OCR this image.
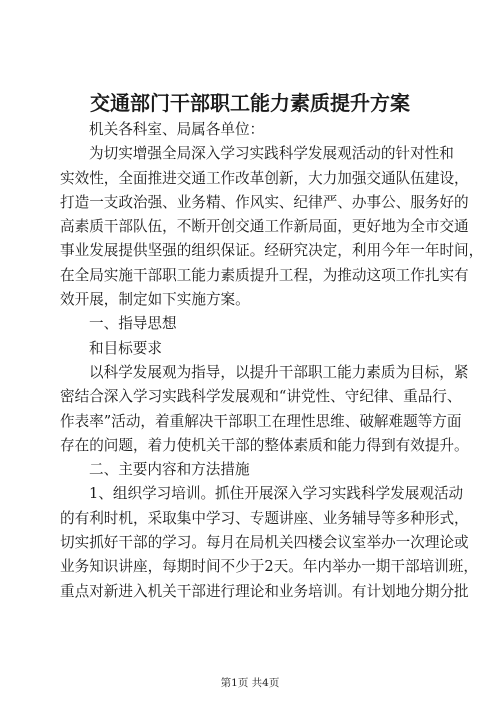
交通部门干部职工能力素质提升方案
机关各科室、局属各单位：
为切实增强全局深入学习实践科学发展观活动的针对性和
实效性，全面推进交通工作改革创新，大力加强交通队伍建设，
打造一支政治强、业务精、作风实、纪律严、办事公、服务好的
高素质干部队伍，不断开创交通工作新局面，更好地为全市交通
事业发展提供坚强的组织保证。经研究决定，利用今年一年时间，
在全局实施干部职工能力素质提升工程，为推动这项工作扎实有
效开展，制定如下实施方案。
一、指导思想
和目标要求
以科学发展观为指导，以提升干部职工能力素质为目标，紧
密结合深入学习实践科学发展观和“讲党性、守纪律、重品行、
作表率”活动，着重解决干部职工在理性思维、破解难题等方面
存在的问题，着力使机关干部的整体素质和能力得到有效提升。
二、主要内容和方法措施
1、组织学习培训。抓住开展深入学习实践科学发展观活动
的有利时机，采取集中学习、专题讲座、业务辅导等多种形式，
切实抓好干部的学习。每月在局机关四楼会议室举办一次理论或
业务知识讲座，每期时间不少于2天。年内举办一期干部培训班，
重点对新进入机关干部进行理论和业务培训。有计划地分期分批
第1页 共4页
